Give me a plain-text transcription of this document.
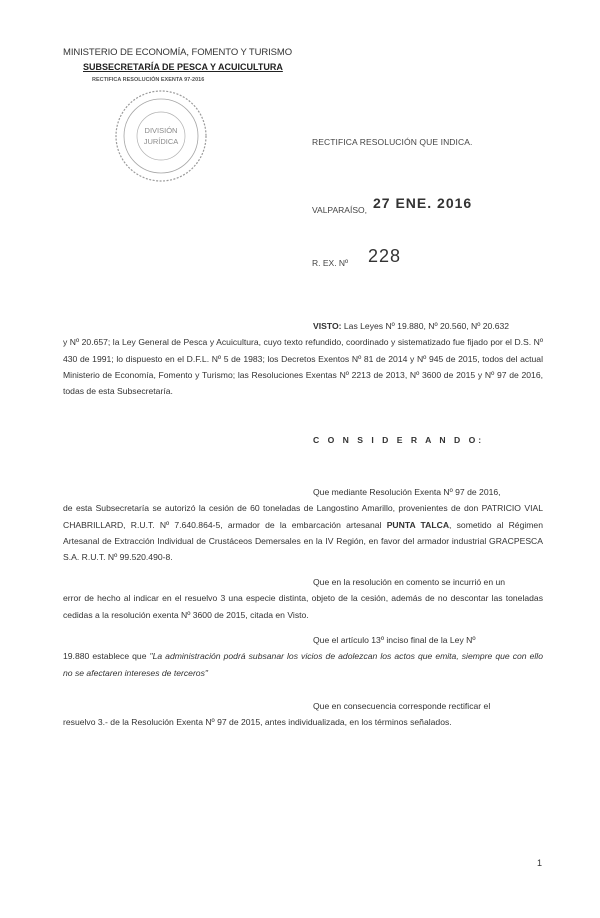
MINISTERIO DE ECONOMÍA, FOMENTO Y TURISMO
SUBSECRETARÍA DE PESCA Y ACUICULTURA
RECTIFICA RESOLUCIÓN EXENTA 97-2016
DIVISIÓN
JURÍDICA	RECTIFICA RESOLUCIÓN QUE INDICA.
VALPARAÍSO, 27 ENE. 2016
R. EX. Nº 228
VISTO: Las Leyes Nº 19.880, Nº 20.560, Nº 20.632
y Nº 20.657; la Ley General de Pesca y Acuicultura, cuyo texto refundido, coordinado y sistematizado fue fijado por el D.S. Nº 430 de 1991; lo dispuesto en el D.F.L. Nº 5 de 1983; los Decretos Exentos Nº 81 de 2014 y Nº 945 de 2015, todos del actual Ministerio de Economía, Fomento y Turismo; las Resoluciones Exentas Nº 2213 de 2013, Nº 3600 de 2015 y Nº 97 de 2016, todas de esta Subsecretaría.
C O N S I D E R A N D O:
Que mediante Resolución Exenta Nº 97 de 2016,
de esta Subsecretaría se autorizó la cesión de 60 toneladas de Langostino Amarillo, provenientes de don PATRICIO VIAL CHABRILLARD, R.U.T. Nº 7.640.864-5, armador de la embarcación artesanal PUNTA TALCA, sometido al Régimen Artesanal de Extracción Individual de Crustáceos Demersales en la IV Región, en favor del armador industrial GRACPESCA S.A. R.U.T. Nº 99.520.490-8.
Que en la resolución en comento se incurrió en un
error de hecho al indicar en el resuelvo 3 una especie distinta, objeto de la cesión, además de no descontar las toneladas cedidas a la resolución exenta Nº 3600 de 2015, citada en Visto.
Que el artículo 13º inciso final de la Ley Nº
19.880 establece que "La administración podrá subsanar los vicios de adolezcan los actos que emita, siempre que con ello no se afectaren intereses de terceros"
Que en consecuencia corresponde rectificar el
resuelvo 3.- de la Resolución Exenta Nº 97 de 2015, antes individualizada, en los términos señalados.
1
